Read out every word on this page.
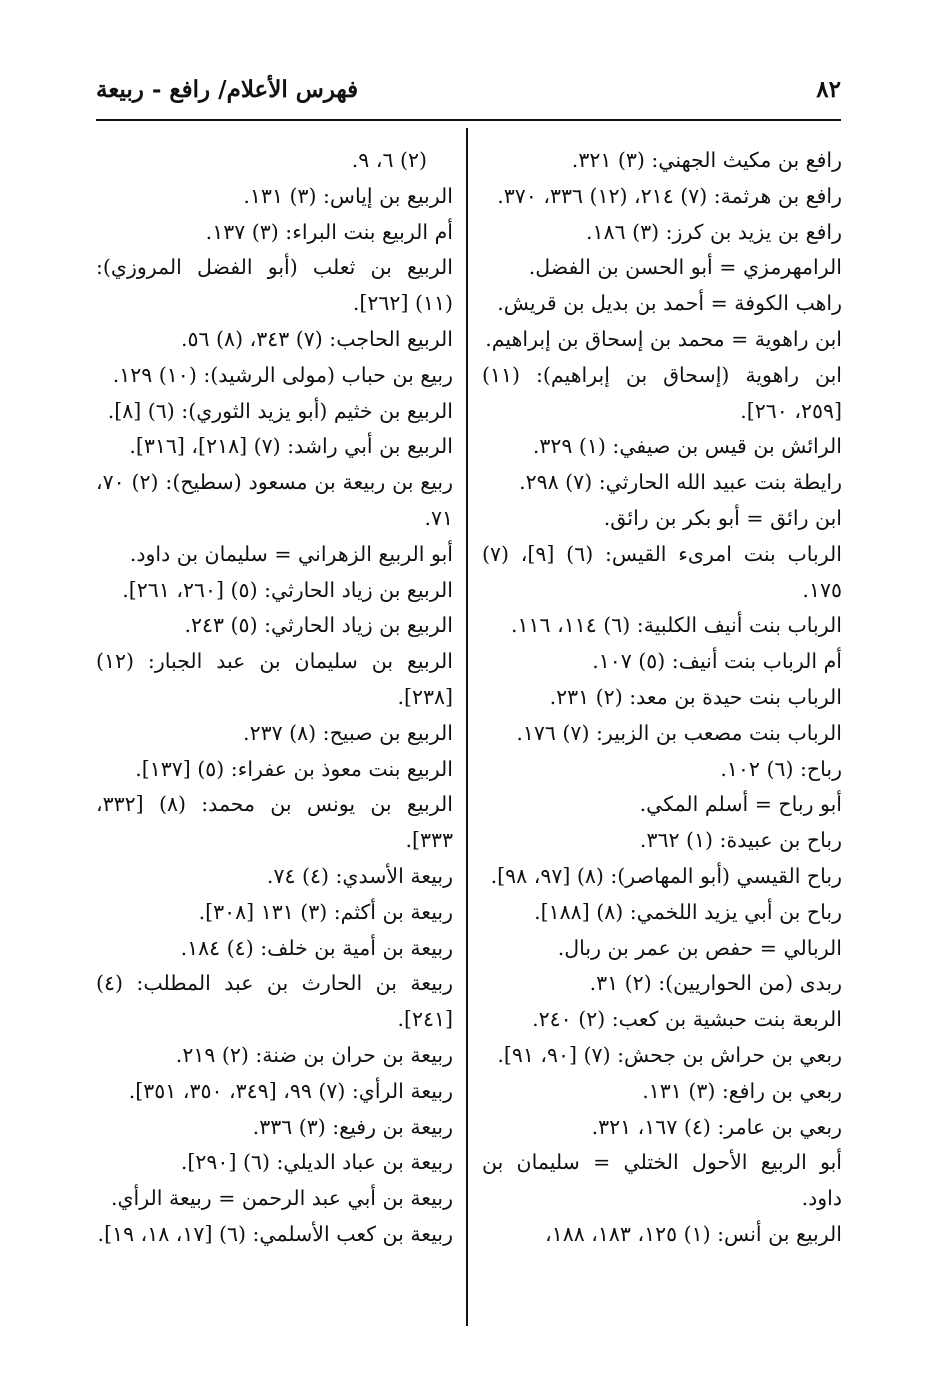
٨٢
فهرس الأعلام/ رافع - ربيعة
رافع بن مكيث الجهني: (٣) ٣٢١.
رافع بن هرثمة: (٧) ٢١٤، (١٢) ٣٣٦، ٣٧٠.
رافع بن يزيد بن كرز: (٣) ١٨٦.
الرامهرمزي = أبو الحسن بن الفضل.
راهب الكوفة = أحمد بن بديل بن قريش.
ابن راهوية = محمد بن إسحاق بن إبراهيم.
ابن راهوية (إسحاق بن إبراهيم): (١١) [٢٥٩، ٢٦٠].
الرائش بن قيس بن صيفي: (١) ٣٢٩.
رايطة بنت عبيد الله الحارثي: (٧) ٢٩٨.
ابن رائق = أبو بكر بن رائق.
الرباب بنت امرىء القيس: (٦) [٩]، (٧) ١٧٥.
الرباب بنت أنيف الكلبية: (٦) ١١٤، ١١٦.
أم الرباب بنت أنيف: (٥) ١٠٧.
الرباب بنت حيدة بن معد: (٢) ٢٣١.
الرباب بنت مصعب بن الزبير: (٧) ١٧٦.
رباح: (٦) ١٠٢.
أبو رباح = أسلم المكي.
رباح بن عبيدة: (١) ٣٦٢.
رباح القيسي (أبو المهاصر): (٨) [٩٧، ٩٨].
رباح بن أبي يزيد اللخمي: (٨) [١٨٨].
الربالي = حفص بن عمر بن ربال.
ربدى (من الحواريين): (٢) ٣١.
الربعة بنت حبشية بن كعب: (٢) ٢٤٠.
ربعي بن حراش بن جحش: (٧) [٩٠، ٩١].
ربعي بن رافع: (٣) ١٣١.
ربعي بن عامر: (٤) ١٦٧، ٣٢١.
أبو الربيع الأحول الختلي = سليمان بن داود.
الربيع بن أنس: (١) ١٢٥، ١٨٣، ١٨٨،
(٢) ٦، ٩.
الربيع بن إياس: (٣) ١٣١.
أم الربيع بنت البراء: (٣) ١٣٧.
الربيع بن ثعلب (أبو الفضل المروزي): (١١) [٢٦٢].
الربيع الحاجب: (٧) ٣٤٣، (٨) ٥٦.
ربيع بن حباب (مولى الرشيد): (١٠) ١٢٩.
الربيع بن خثيم (أبو يزيد الثوري): (٦) [٨].
الربيع بن أبي راشد: (٧) [٢١٨]، [٣١٦].
ربيع بن ربيعة بن مسعود (سطيح): (٢) ٧٠، ٧١.
أبو الربيع الزهراني = سليمان بن داود.
الربيع بن زياد الحارثي: (٥) [٢٦٠، ٢٦١].
الربيع بن زياد الحارثي: (٥) ٢٤٣.
الربيع بن سليمان بن عبد الجبار: (١٢) [٢٣٨].
الربيع بن صبيح: (٨) ٢٣٧.
الربيع بنت معوذ بن عفراء: (٥) [١٣٧].
الربيع بن يونس بن محمد: (٨) [٣٣٢، ٣٣٣].
ربيعة الأسدي: (٤) ٧٤.
ربيعة بن أكثم: (٣) ١٣١ [٣٠٨].
ربيعة بن أمية بن خلف: (٤) ١٨٤.
ربيعة بن الحارث بن عبد المطلب: (٤) [٢٤١].
ربيعة بن حران بن ضنة: (٢) ٢١٩.
ربيعة الرأي: (٧) ٩٩، [٣٤٩، ٣٥٠، ٣٥١].
ربيعة بن رفيع: (٣) ٣٣٦.
ربيعة بن عباد الديلي: (٦) [٢٩٠].
ربيعة بن أبي عبد الرحمن = ربيعة الرأي.
ربيعة بن كعب الأسلمي: (٦) [١٧، ١٨، ١٩].
